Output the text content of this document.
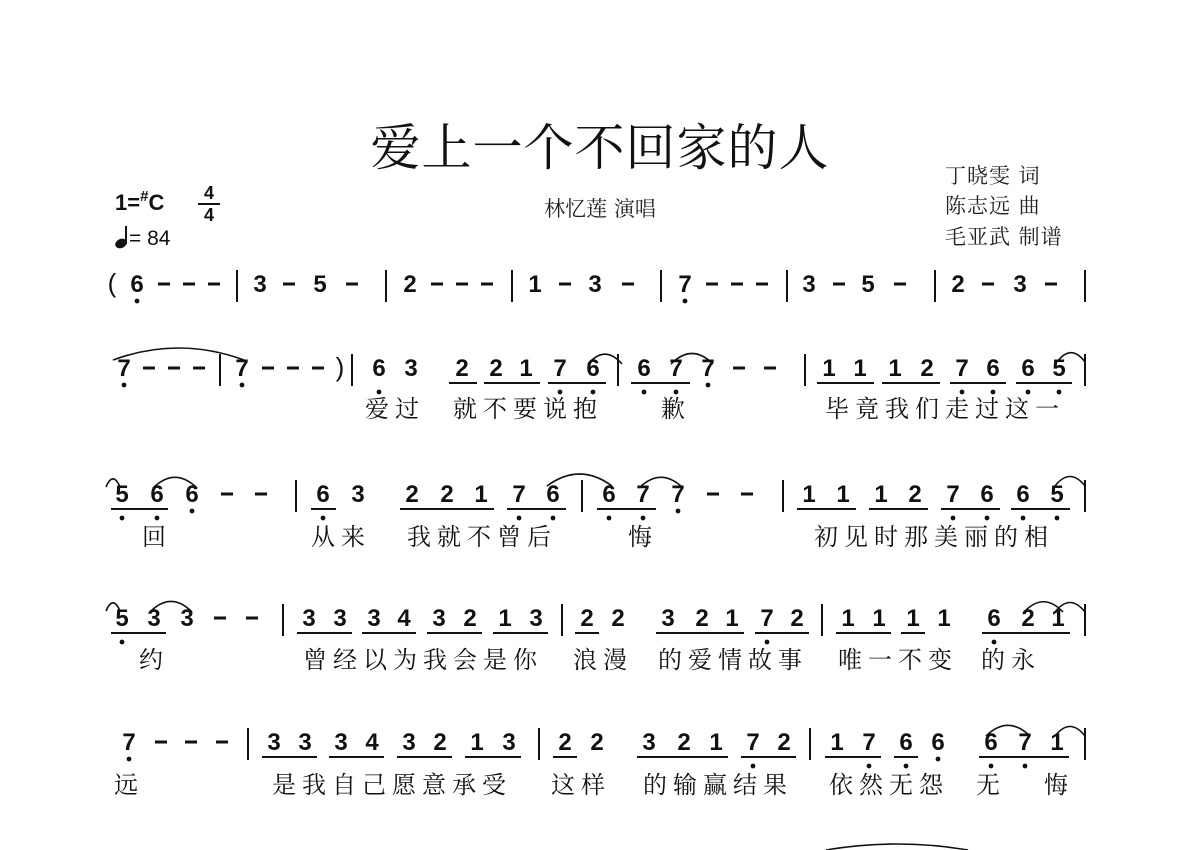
爱上一个不回家的人
林忆莲 演唱
丁晓雯 词
陈志远 曲
毛亚武 制谱
1=#C	4
4
= 84
( 6	3 5	2	1 3	7	3 5	2 3
7	7	) 6 3 2 2 1 7 6 6 7 7	1 1 1 2 7 6 6 5
爱过 就不要说抱 歉	毕竟我们走过这一
5 6 6	6 3 2 2 1 7 6 6 7 7	1 1 1 2 7 6 6 5
回	从来 我就不曾后	悔	初见时那美丽的相
5 3 3	3 3 3 4 3 2 1 3 2 2 3 2 1 7 2 1 1 1 1 6 2 1
约	曾经以为我会是你 浪漫 的爱情故事 唯一不变 的永
7	3 3 3 4 3 2 1 3 2 2 3 2 1 7 2 1 7 6 6 6 7 1
远	是我自己愿意承受 这样 的输赢结果 依然无怨 无 悔
